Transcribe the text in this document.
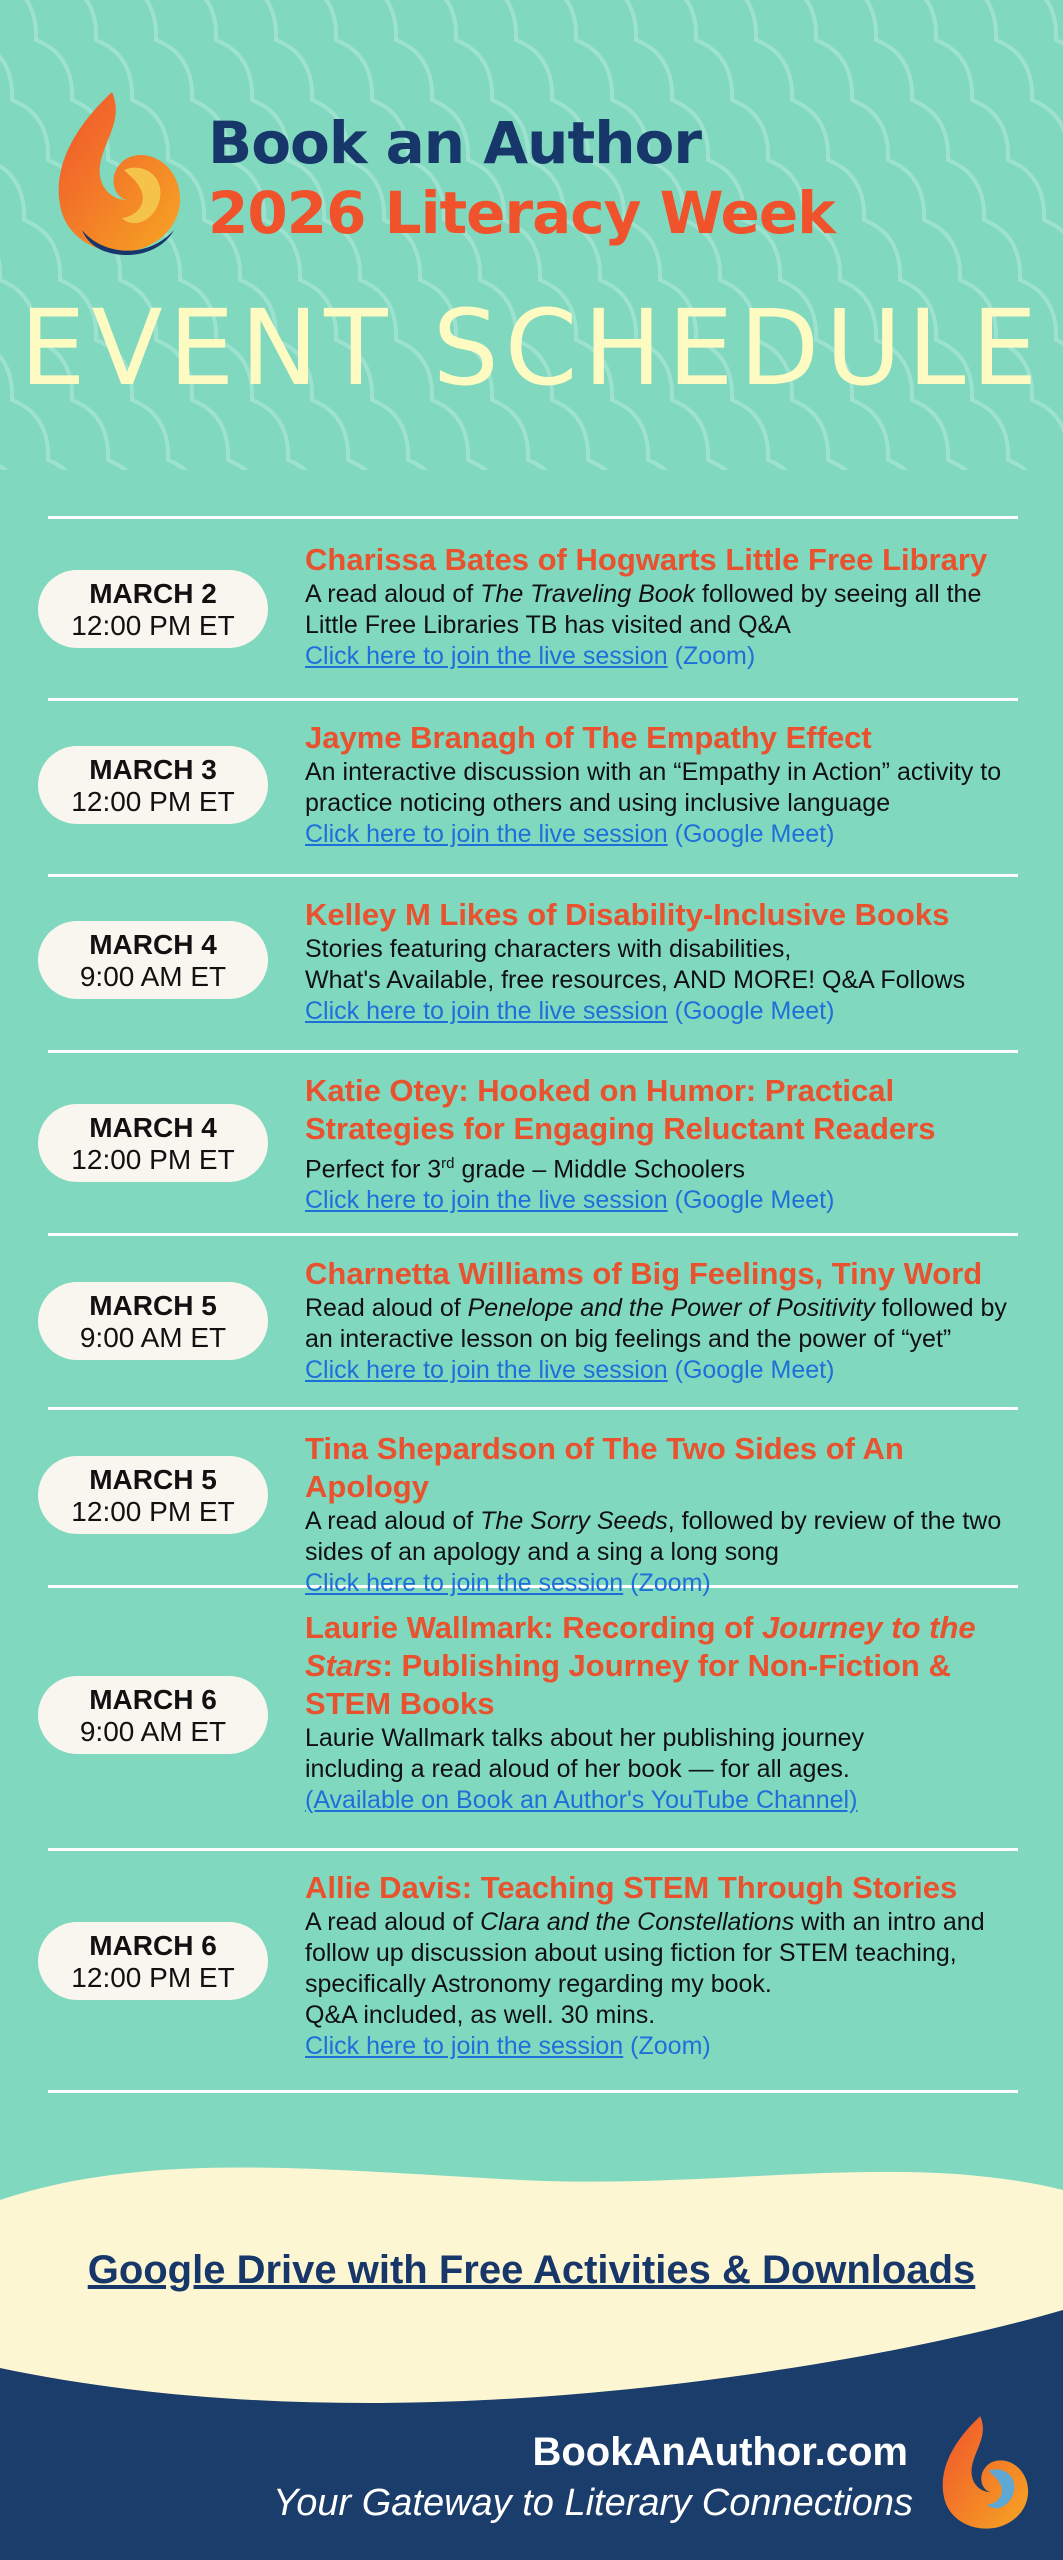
Book an Author
2026 Literacy Week
EVENT SCHEDULE
MARCH 2
12:00 PM ET
Charissa Bates of Hogwarts Little Free Library
A read aloud of The Traveling Book followed by seeing all the Little Free Libraries TB has visited and Q&A
Click here to join the live session (Zoom)
MARCH 3
12:00 PM ET
Jayme Branagh of The Empathy Effect
An interactive discussion with an “Empathy in Action” activity to practice noticing others and using inclusive language
Click here to join the live session (Google Meet)
MARCH 4
9:00 AM ET
Kelley M Likes of Disability-Inclusive Books
Stories featuring characters with disabilities,
What's Available, free resources, AND MORE! Q&A Follows
Click here to join the live session (Google Meet)
MARCH 4
12:00 PM ET
Katie Otey: Hooked on Humor: Practical
Strategies for Engaging Reluctant Readers
Perfect for 3rd grade – Middle Schoolers
Click here to join the live session (Google Meet)
MARCH 5
9:00 AM ET
Charnetta Williams of Big Feelings, Tiny Word
Read aloud of Penelope and the Power of Positivity followed by an interactive lesson on big feelings and the power of “yet”
Click here to join the live session (Google Meet)
MARCH 5
12:00 PM ET
Tina Shepardson of The Two Sides of An Apology
A read aloud of The Sorry Seeds, followed by review of the two sides of an apology and a sing a long song
Click here to join the session (Zoom)
MARCH 6
9:00 AM ET
Laurie Wallmark: Recording of Journey to the Stars: Publishing Journey for Non-Fiction & STEM Books
Laurie Wallmark talks about her publishing journey including a read aloud of her book — for all ages.
(Available on Book an Author's YouTube Channel)
MARCH 6
12:00 PM ET
Allie Davis: Teaching STEM Through Stories
A read aloud of Clara and the Constellations with an intro and follow up discussion about using fiction for STEM teaching, specifically Astronomy regarding my book.
Q&A included, as well. 30 mins.
Click here to join the session (Zoom)
Google Drive with Free Activities & Downloads
BookAnAuthor.com
Your Gateway to Literary Connections
